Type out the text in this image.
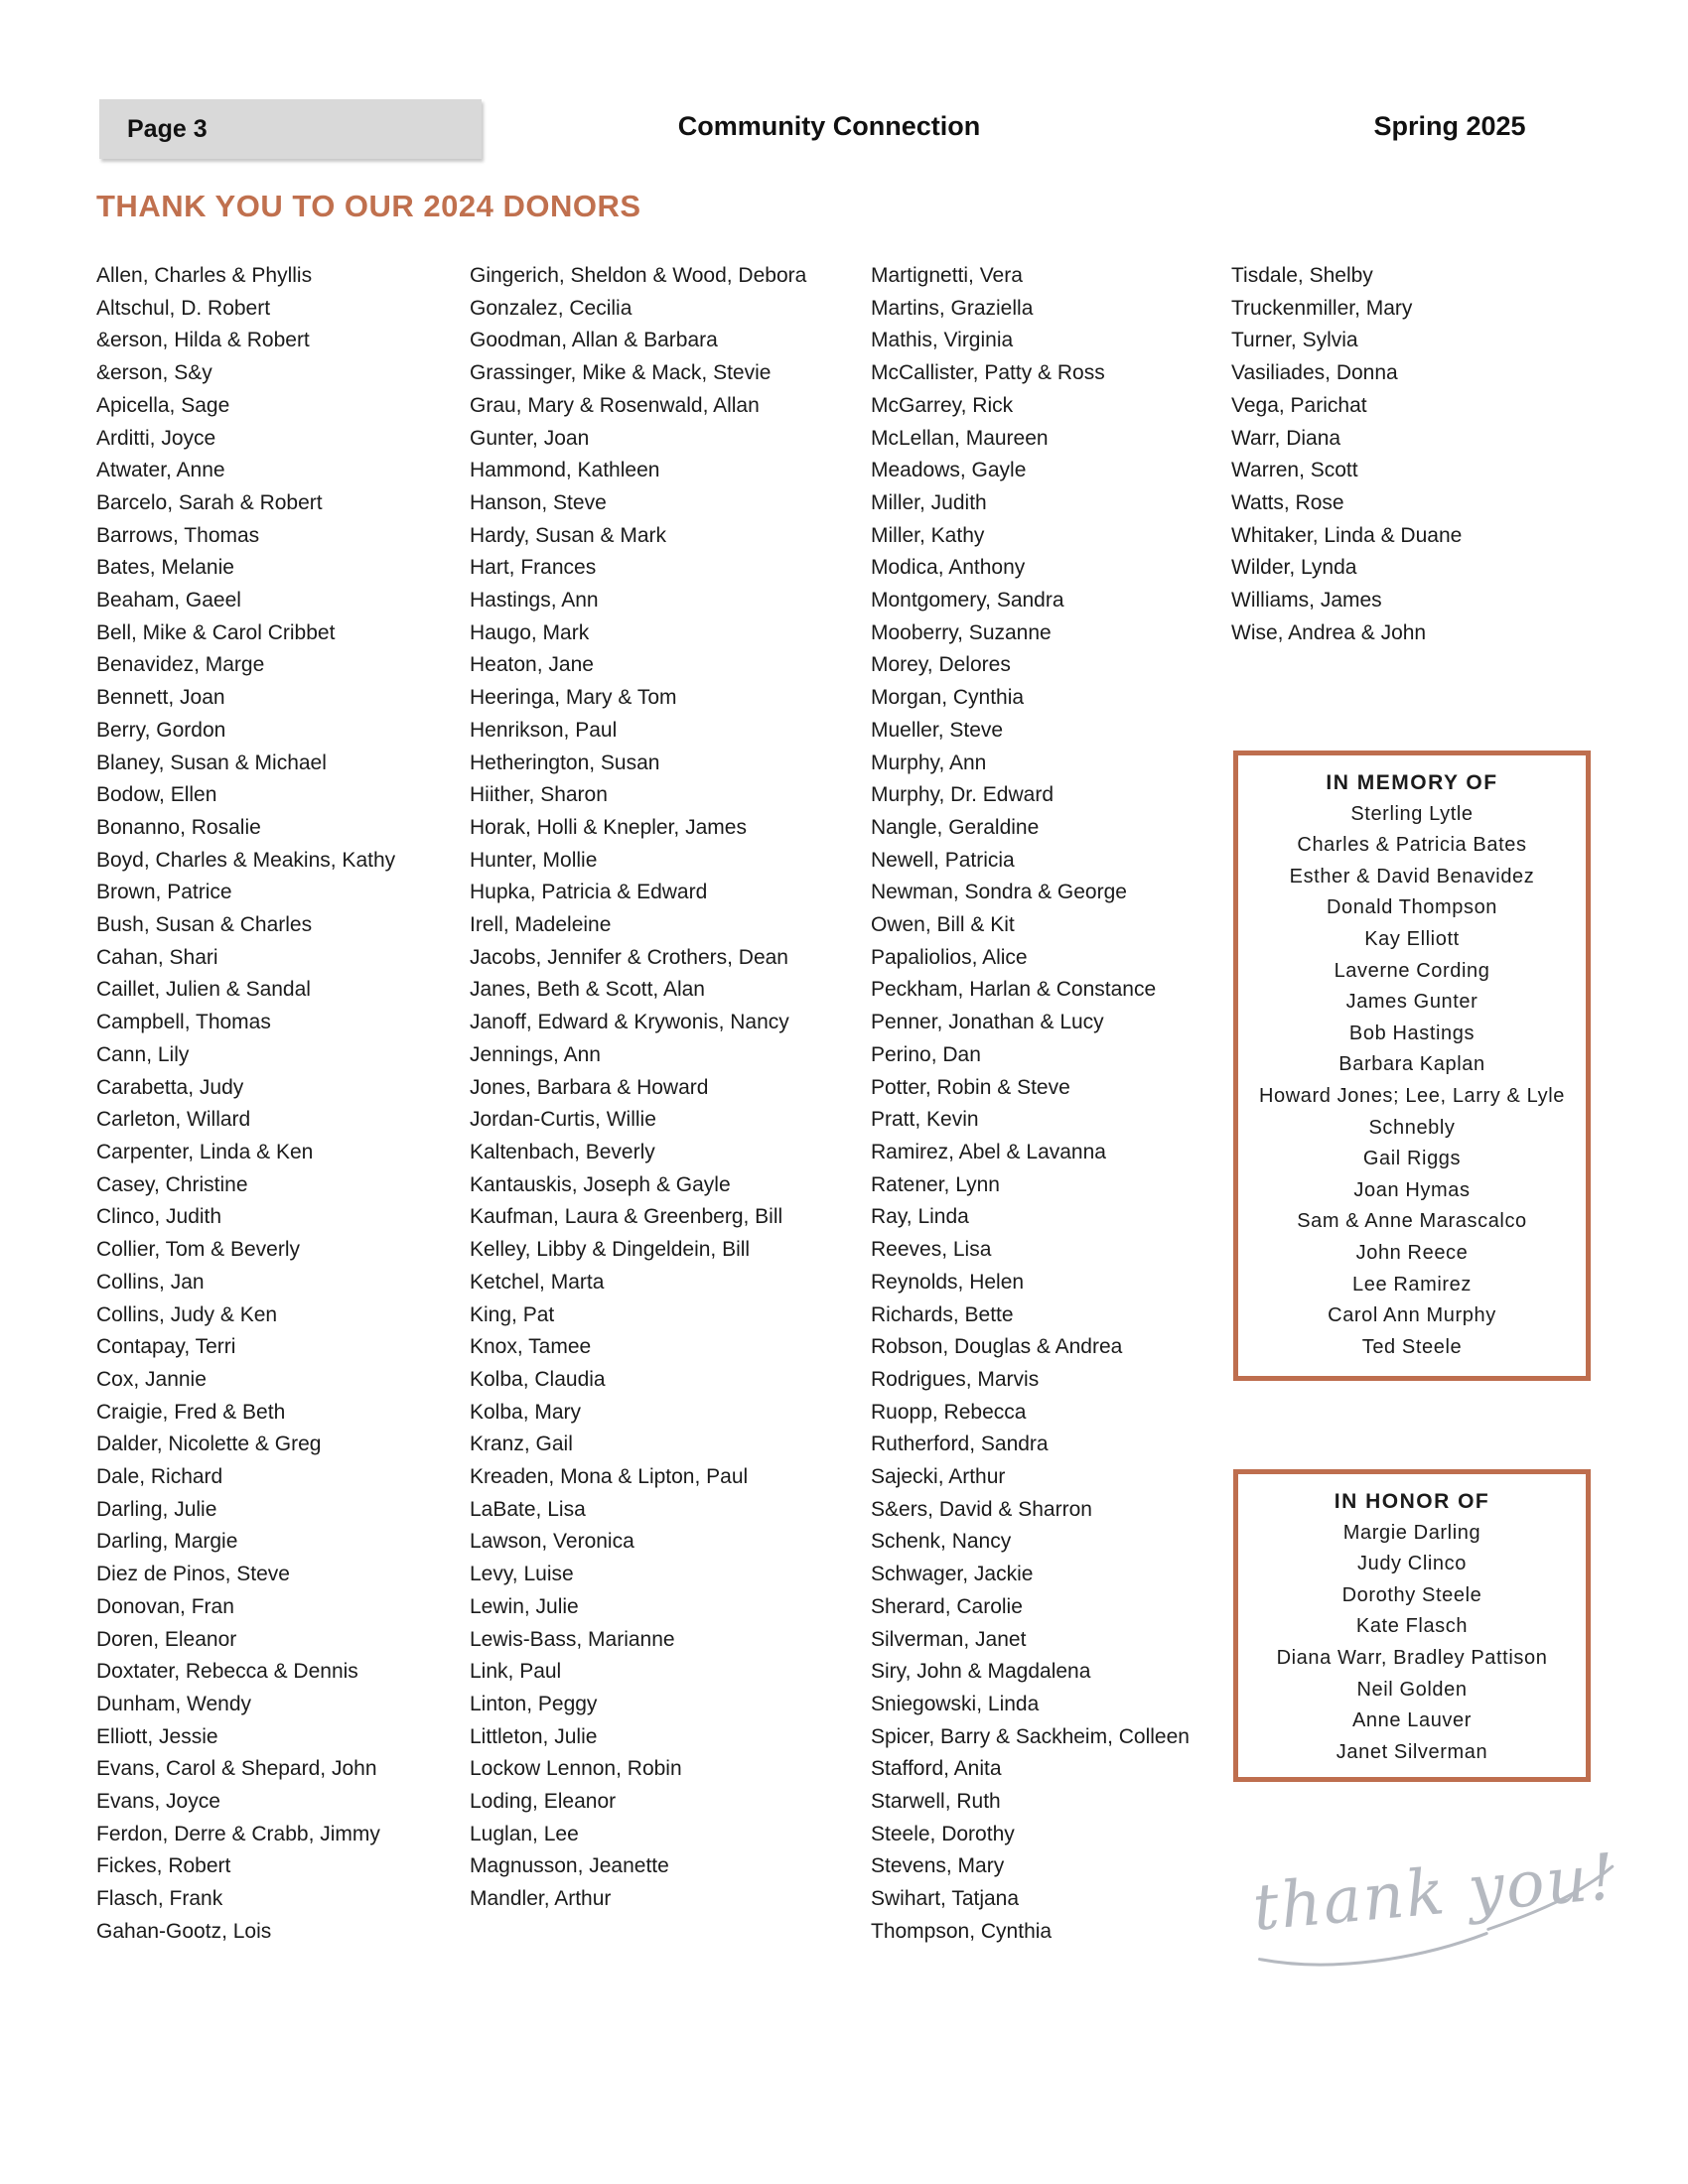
Page 3	Community Connection	Spring 2025
THANK YOU TO OUR 2024 DONORS
Allen, Charles & Phyllis
Altschul, D. Robert
&erson, Hilda & Robert
&erson, S&y
Apicella, Sage
Arditti, Joyce
Atwater, Anne
Barcelo, Sarah & Robert
Barrows, Thomas
Bates, Melanie
Beaham, Gaeel
Bell, Mike & Carol Cribbet
Benavidez, Marge
Bennett, Joan
Berry, Gordon
Blaney, Susan & Michael
Bodow, Ellen
Bonanno, Rosalie
Boyd, Charles & Meakins, Kathy
Brown, Patrice
Bush, Susan & Charles
Cahan, Shari
Caillet, Julien & Sandal
Campbell, Thomas
Cann, Lily
Carabetta, Judy
Carleton, Willard
Carpenter, Linda & Ken
Casey, Christine
Clinco, Judith
Collier, Tom & Beverly
Collins, Jan
Collins, Judy & Ken
Contapay, Terri
Cox, Jannie
Craigie, Fred & Beth
Dalder, Nicolette & Greg
Dale, Richard
Darling, Julie
Darling, Margie
Diez de Pinos, Steve
Donovan, Fran
Doren, Eleanor
Doxtater, Rebecca & Dennis
Dunham, Wendy
Elliott, Jessie
Evans, Carol & Shepard, John
Evans, Joyce
Ferdon, Derre & Crabb, Jimmy
Fickes, Robert
Flasch, Frank
Gahan-Gootz, Lois
Gingerich, Sheldon & Wood, Debora
Gonzalez, Cecilia
Goodman, Allan & Barbara
Grassinger, Mike & Mack, Stevie
Grau, Mary & Rosenwald, Allan
Gunter, Joan
Hammond, Kathleen
Hanson, Steve
Hardy, Susan & Mark
Hart, Frances
Hastings, Ann
Haugo, Mark
Heaton, Jane
Heeringa, Mary & Tom
Henrikson, Paul
Hetherington, Susan
Hiither, Sharon
Horak, Holli & Knepler, James
Hunter, Mollie
Hupka, Patricia & Edward
Irell, Madeleine
Jacobs, Jennifer & Crothers, Dean
Janes, Beth & Scott, Alan
Janoff, Edward & Krywonis, Nancy
Jennings, Ann
Jones, Barbara & Howard
Jordan-Curtis, Willie
Kaltenbach, Beverly
Kantauskis, Joseph & Gayle
Kaufman, Laura & Greenberg, Bill
Kelley, Libby & Dingeldein, Bill
Ketchel, Marta
King, Pat
Knox, Tamee
Kolba, Claudia
Kolba, Mary
Kranz, Gail
Kreaden, Mona & Lipton, Paul
LaBate, Lisa
Lawson, Veronica
Levy, Luise
Lewin, Julie
Lewis-Bass, Marianne
Link, Paul
Linton, Peggy
Littleton, Julie
Lockow Lennon, Robin
Loding, Eleanor
Luglan, Lee
Magnusson, Jeanette
Mandler, Arthur
Martignetti, Vera
Martins, Graziella
Mathis, Virginia
McCallister, Patty & Ross
McGarrey, Rick
McLellan, Maureen
Meadows, Gayle
Miller, Judith
Miller, Kathy
Modica, Anthony
Montgomery, Sandra
Mooberry, Suzanne
Morey, Delores
Morgan, Cynthia
Mueller, Steve
Murphy, Ann
Murphy, Dr. Edward
Nangle, Geraldine
Newell, Patricia
Newman, Sondra & George
Owen, Bill & Kit
Papaliolios, Alice
Peckham, Harlan & Constance
Penner, Jonathan & Lucy
Perino, Dan
Potter, Robin & Steve
Pratt, Kevin
Ramirez, Abel & Lavanna
Ratener, Lynn
Ray, Linda
Reeves, Lisa
Reynolds, Helen
Richards, Bette
Robson, Douglas & Andrea
Rodrigues, Marvis
Ruopp, Rebecca
Rutherford, Sandra
Sajecki, Arthur
S&ers, David & Sharron
Schenk, Nancy
Schwager, Jackie
Sherard, Carolie
Silverman, Janet
Siry, John & Magdalena
Sniegowski, Linda
Spicer, Barry & Sackheim, Colleen
Stafford, Anita
Starwell, Ruth
Steele, Dorothy
Stevens, Mary
Swihart, Tatjana
Thompson, Cynthia
Tisdale, Shelby
Truckenmiller, Mary
Turner, Sylvia
Vasiliades, Donna
Vega, Parichat
Warr, Diana
Warren, Scott
Watts, Rose
Whitaker, Linda & Duane
Wilder, Lynda
Williams, James
Wise, Andrea & John
IN MEMORY OF
Sterling Lytle
Charles & Patricia Bates
Esther & David Benavidez
Donald Thompson
Kay Elliott
Laverne Cording
James Gunter
Bob Hastings
Barbara Kaplan
Howard Jones; Lee, Larry & Lyle
Schnebly
Gail Riggs
Joan Hymas
Sam & Anne Marascalco
John Reece
Lee Ramirez
Carol Ann Murphy
Ted Steele
IN HONOR OF
Margie Darling
Judy Clinco
Dorothy Steele
Kate Flasch
Diana Warr, Bradley Pattison
Neil Golden
Anne Lauver
Janet Silverman
thank you!
